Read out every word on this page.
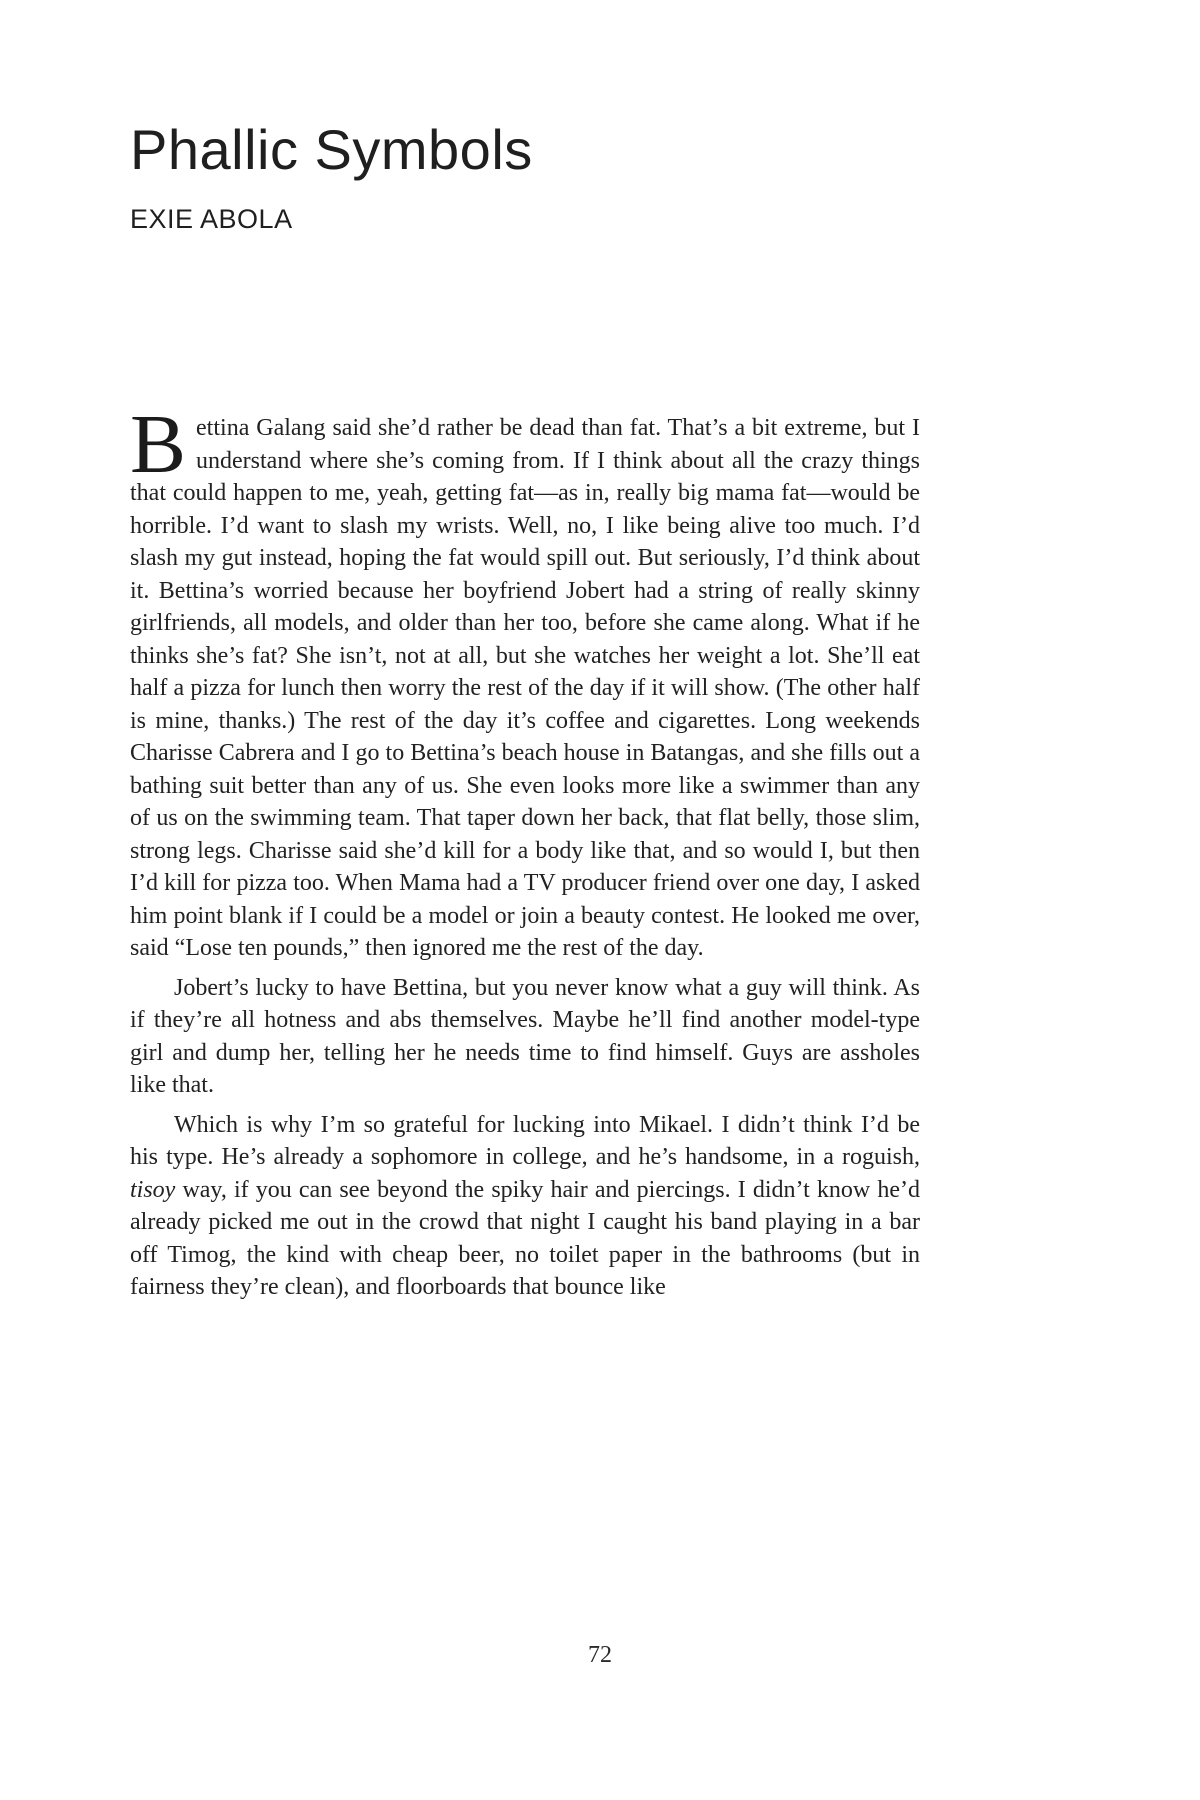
Phallic Symbols
EXIE ABOLA

Bettina Galang said she’d rather be dead than fat. That’s a bit extreme, but I understand where she’s coming from. If I think about all the crazy things that could happen to me, yeah, getting fat—as in, really big mama fat—would be horrible. I’d want to slash my wrists. Well, no, I like being alive too much. I’d slash my gut instead, hoping the fat would spill out. But seriously, I’d think about it. Bettina’s worried because her boyfriend Jobert had a string of really skinny girlfriends, all models, and older than her too, before she came along. What if he thinks she’s fat? She isn’t, not at all, but she watches her weight a lot. She’ll eat half a pizza for lunch then worry the rest of the day if it will show. (The other half is mine, thanks.) The rest of the day it’s coffee and cigarettes. Long weekends Charisse Cabrera and I go to Bettina’s beach house in Batangas, and she fills out a bathing suit better than any of us. She even looks more like a swimmer than any of us on the swimming team. That taper down her back, that flat belly, those slim, strong legs. Charisse said she’d kill for a body like that, and so would I, but then I’d kill for pizza too. When Mama had a TV producer friend over one day, I asked him point blank if I could be a model or join a beauty contest. He looked me over, said “Lose ten pounds,” then ignored me the rest of the day.

Jobert’s lucky to have Bettina, but you never know what a guy will think. As if they’re all hotness and abs themselves. Maybe he’ll find another model-type girl and dump her, telling her he needs time to find himself. Guys are assholes like that.

Which is why I’m so grateful for lucking into Mikael. I didn’t think I’d be his type. He’s already a sophomore in college, and he’s handsome, in a roguish, tisoy way, if you can see beyond the spiky hair and piercings. I didn’t know he’d already picked me out in the crowd that night I caught his band playing in a bar off Timog, the kind with cheap beer, no toilet paper in the bathrooms (but in fairness they’re clean), and floorboards that bounce like

72
